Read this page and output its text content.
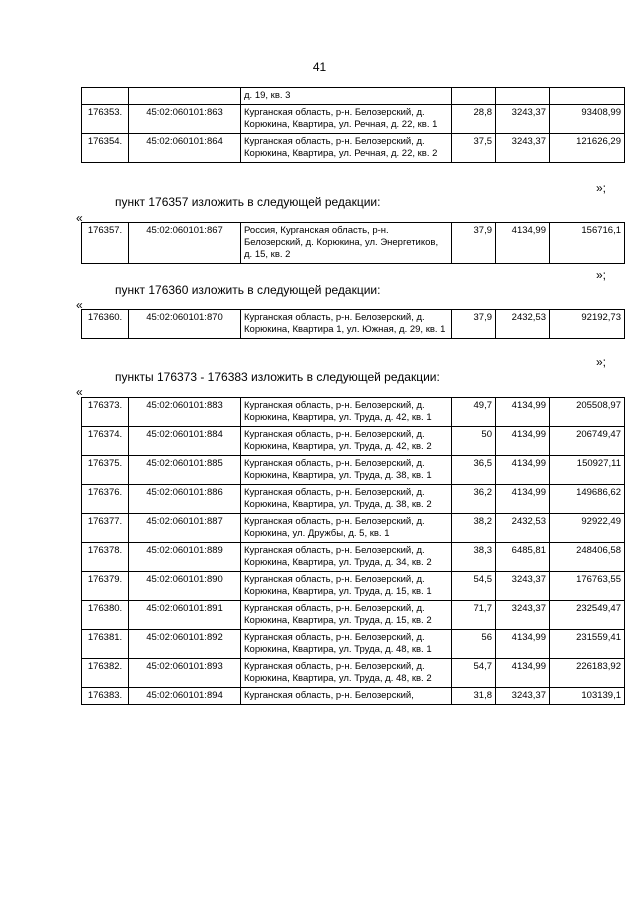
41
		д. 19, кв. 3			
176353.	45:02:060101:863	Курганская область, р-н. Белозерский, д. Корюкина, Квартира, ул. Речная, д. 22, кв. 1	28,8	3243,37	93408,99
176354.	45:02:060101:864	Курганская область, р-н. Белозерский, д. Корюкина, Квартира, ул. Речная, д. 22, кв. 2	37,5	3243,37	121626,29
»;
пункт 176357 изложить в следующей редакции:
«
176357.	45:02:060101:867	Россия, Курганская область, р-н. Белозерский, д. Корюкина, ул. Энергетиков, д. 15, кв. 2	37,9	4134,99	156716,1
»;
пункт 176360 изложить в следующей редакции:
«
176360.	45:02:060101:870	Курганская область, р-н. Белозерский, д. Корюкина, Квартира 1, ул. Южная, д. 29, кв. 1	37,9	2432,53	92192,73
»;
пункты 176373 - 176383 изложить в следующей редакции:
«
176373.	45:02:060101:883	Курганская область, р-н. Белозерский, д. Корюкина, Квартира, ул. Труда, д. 42, кв. 1	49,7	4134,99	205508,97
176374.	45:02:060101:884	Курганская область, р-н. Белозерский, д. Корюкина, Квартира, ул. Труда, д. 42, кв. 2	50	4134,99	206749,47
176375.	45:02:060101:885	Курганская область, р-н. Белозерский, д. Корюкина, Квартира, ул. Труда, д. 38, кв. 1	36,5	4134,99	150927,11
176376.	45:02:060101:886	Курганская область, р-н. Белозерский, д. Корюкина, Квартира, ул. Труда, д. 38, кв. 2	36,2	4134,99	149686,62
176377.	45:02:060101:887	Курганская область, р-н. Белозерский, д. Корюкина, ул. Дружбы, д. 5, кв. 1	38,2	2432,53	92922,49
176378.	45:02:060101:889	Курганская область, р-н. Белозерский, д. Корюкина, Квартира, ул. Труда, д. 34, кв. 2	38,3	6485,81	248406,58
176379.	45:02:060101:890	Курганская область, р-н. Белозерский, д. Корюкина, Квартира, ул. Труда, д. 15, кв. 1	54,5	3243,37	176763,55
176380.	45:02:060101:891	Курганская область, р-н. Белозерский, д. Корюкина, Квартира, ул. Труда, д. 15, кв. 2	71,7	3243,37	232549,47
176381.	45:02:060101:892	Курганская область, р-н. Белозерский, д. Корюкина, Квартира, ул. Труда, д. 48, кв. 1	56	4134,99	231559,41
176382.	45:02:060101:893	Курганская область, р-н. Белозерский, д. Корюкина, Квартира, ул. Труда, д. 48, кв. 2	54,7	4134,99	226183,92
176383.	45:02:060101:894	Курганская область, р-н. Белозерский,	31,8	3243,37	103139,1
